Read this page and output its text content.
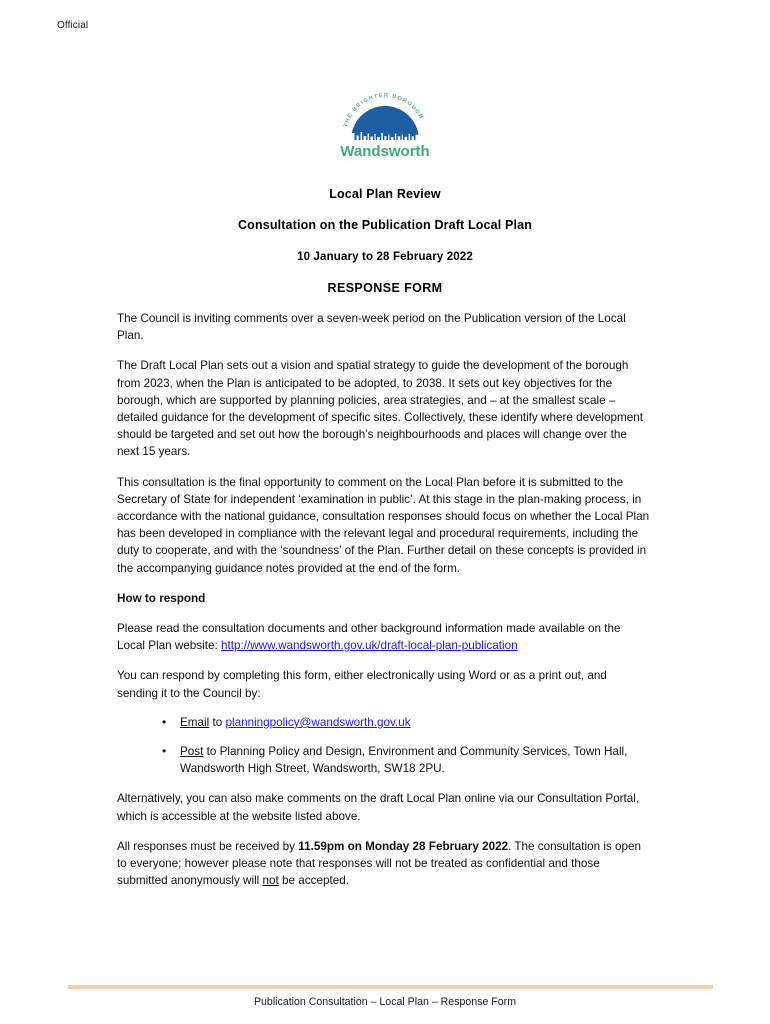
Official
THE BRIGHTER BOROUGH
Wandsworth
Local Plan Review
Consultation on the Publication Draft Local Plan
10 January to 28 February 2022
RESPONSE FORM

The Council is inviting comments over a seven-week period on the Publication version of the Local Plan.

The Draft Local Plan sets out a vision and spatial strategy to guide the development of the borough from 2023, when the Plan is anticipated to be adopted, to 2038. It sets out key objectives for the borough, which are supported by planning policies, area strategies, and – at the smallest scale – detailed guidance for the development of specific sites. Collectively, these identify where development should be targeted and set out how the borough’s neighbourhoods and places will change over the next 15 years.

This consultation is the final opportunity to comment on the Local Plan before it is submitted to the Secretary of State for independent ‘examination in public’. At this stage in the plan-making process, in accordance with the national guidance, consultation responses should focus on whether the Local Plan has been developed in compliance with the relevant legal and procedural requirements, including the duty to cooperate, and with the ‘soundness’ of the Plan. Further detail on these concepts is provided in the accompanying guidance notes provided at the end of the form.

How to respond

Please read the consultation documents and other background information made available on the Local Plan website: http://www.wandsworth.gov.uk/draft-local-plan-publication

You can respond by completing this form, either electronically using Word or as a print out, and sending it to the Council by:

• Email to planningpolicy@wandsworth.gov.uk
• Post to Planning Policy and Design, Environment and Community Services, Town Hall, Wandsworth High Street, Wandsworth, SW18 2PU.

Alternatively, you can also make comments on the draft Local Plan online via our Consultation Portal, which is accessible at the website listed above.

All responses must be received by 11.59pm on Monday 28 February 2022. The consultation is open to everyone; however please note that responses will not be treated as confidential and those submitted anonymously will not be accepted.

Publication Consultation – Local Plan – Response Form
